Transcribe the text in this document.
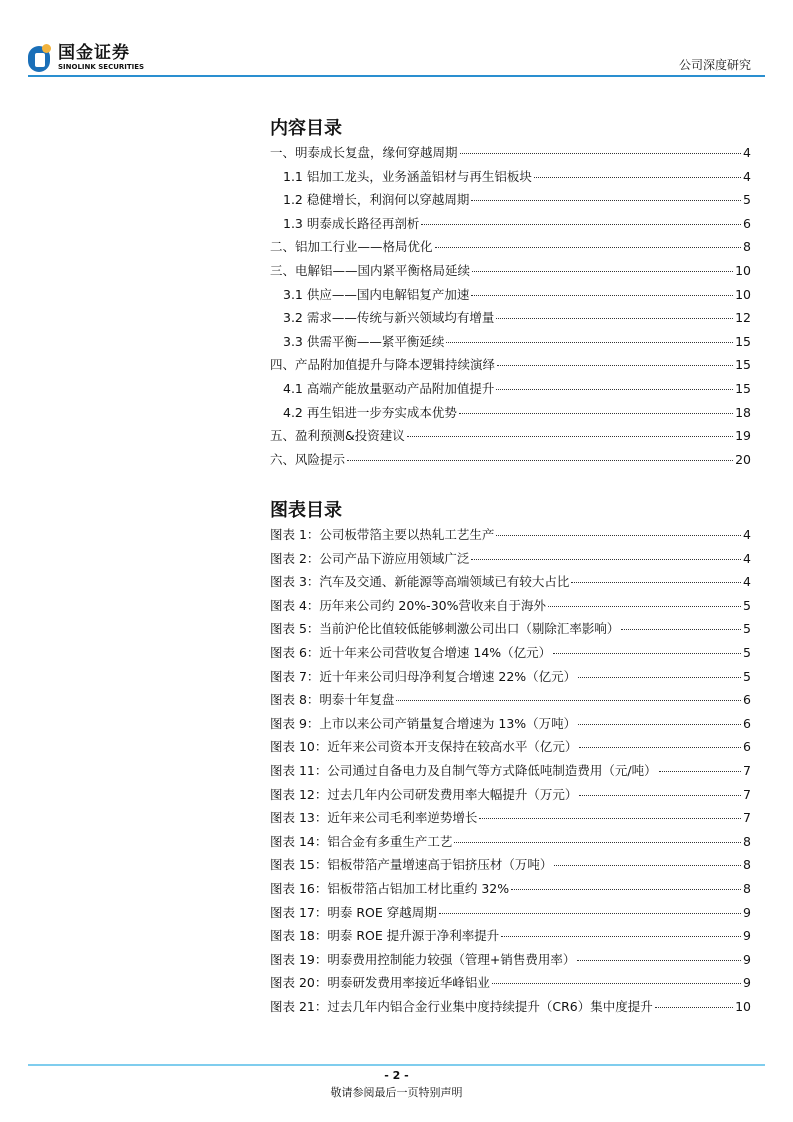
国金证券
SINOLINK SECURITIES	公司深度研究
内容目录
一、明泰成长复盘，缘何穿越周期	4
1.1 铝加工龙头，业务涵盖铝材与再生铝板块	4
1.2 稳健增长，利润何以穿越周期	5
1.3 明泰成长路径再剖析	6
二、铝加工行业——格局优化	8
三、电解铝——国内紧平衡格局延续	10
3.1 供应——国内电解铝复产加速	10
3.2 需求——传统与新兴领域均有增量	12
3.3 供需平衡——紧平衡延续	15
四、产品附加值提升与降本逻辑持续演绎	15
4.1 高端产能放量驱动产品附加值提升	15
4.2 再生铝进一步夯实成本优势	18
五、盈利预测&投资建议	19
六、风险提示	20
图表目录
图表 1：公司板带箔主要以热轧工艺生产	4
图表 2：公司产品下游应用领域广泛	4
图表 3：汽车及交通、新能源等高端领域已有较大占比	4
图表 4：历年来公司约 20%-30%营收来自于海外	5
图表 5：当前沪伦比值较低能够刺激公司出口（剔除汇率影响）	5
图表 6：近十年来公司营收复合增速 14%（亿元）	5
图表 7：近十年来公司归母净利复合增速 22%（亿元）	5
图表 8：明泰十年复盘	6
图表 9：上市以来公司产销量复合增速为 13%（万吨）	6
图表 10：近年来公司资本开支保持在较高水平（亿元）	6
图表 11：公司通过自备电力及自制气等方式降低吨制造费用（元/吨）	7
图表 12：过去几年内公司研发费用率大幅提升（万元）	7
图表 13：近年来公司毛利率逆势增长	7
图表 14：铝合金有多重生产工艺	8
图表 15：铝板带箔产量增速高于铝挤压材（万吨）	8
图表 16：铝板带箔占铝加工材比重约 32%	8
图表 17：明泰 ROE 穿越周期	9
图表 18：明泰 ROE 提升源于净利率提升	9
图表 19：明泰费用控制能力较强（管理+销售费用率）	9
图表 20：明泰研发费用率接近华峰铝业	9
图表 21：过去几年内铝合金行业集中度持续提升（CR6）集中度提升	10
- 2 -
敬请参阅最后一页特别声明
